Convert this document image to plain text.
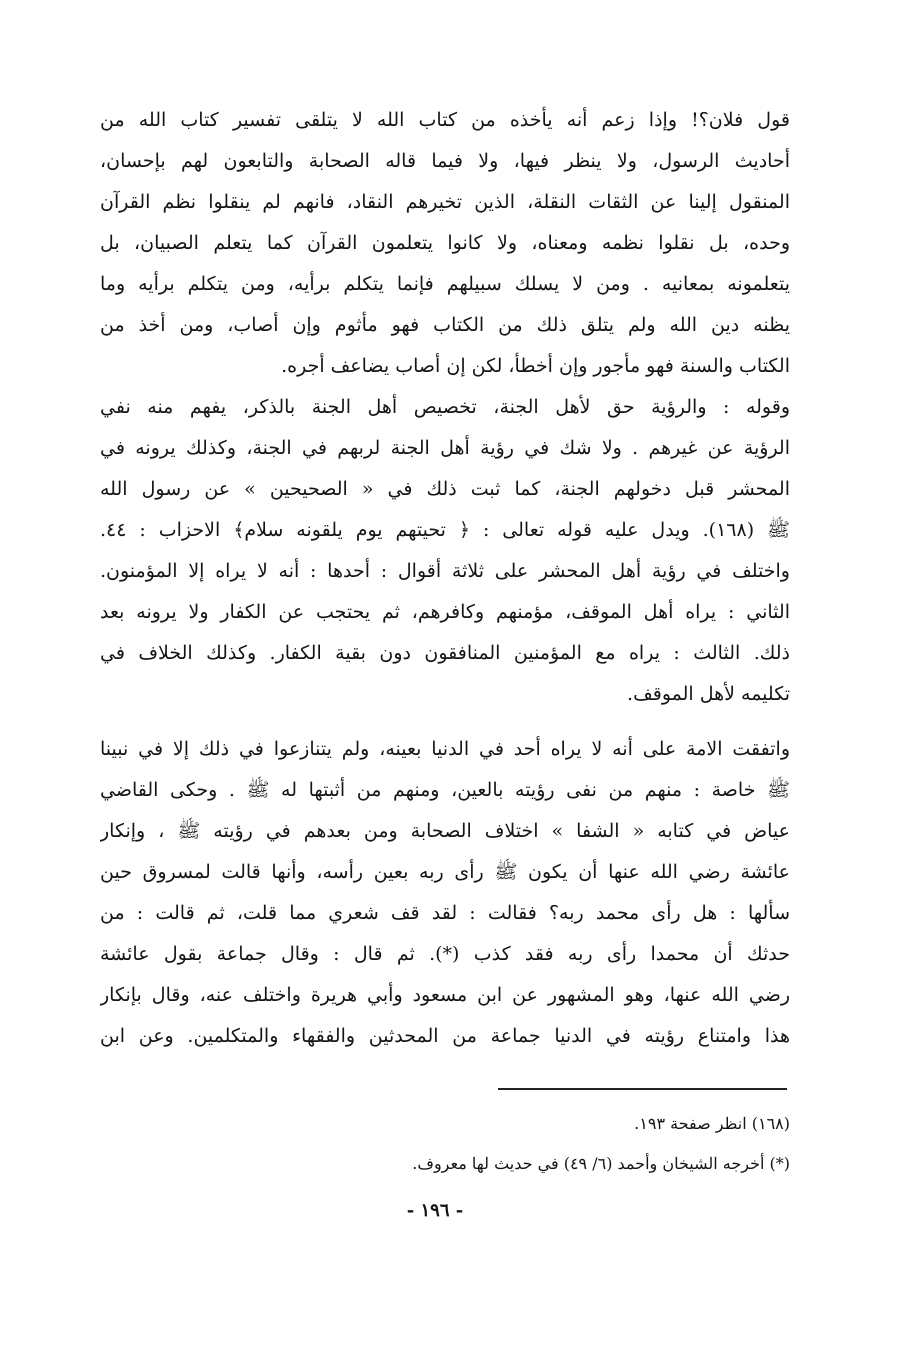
قول فلان؟! وإذا زعم أنه يأخذه من كتاب الله لا يتلقى تفسير كتاب الله من
أحاديث الرسول، ولا ينظر فيها، ولا فيما قاله الصحابة والتابعون لهم بإحسان،
المنقول إلينا عن الثقات النقلة، الذين تخيرهم النقاد، فانهم لم ينقلوا نظم القرآن
وحده، بل نقلوا نظمه ومعناه، ولا كانوا يتعلمون القرآن كما يتعلم الصبيان، بل
يتعلمونه بمعانيه . ومن لا يسلك سبيلهم فإنما يتكلم برأيه، ومن يتكلم برأيه وما
يظنه دين الله ولم يتلق ذلك من الكتاب فهو مأثوم وإن أصاب، ومن أخذ من
الكتاب والسنة فهو مأجور وإن أخطأ، لكن إن أصاب يضاعف أجره.
وقوله : والرؤية حق لأهل الجنة، تخصيص أهل الجنة بالذكر، يفهم منه نفي
الرؤية عن غيرهم . ولا شك في رؤية أهل الجنة لربهم في الجنة، وكذلك يرونه في
المحشر قبل دخولهم الجنة، كما ثبت ذلك في « الصحيحين » عن رسول الله
ﷺ (١٦٨). ويدل عليه قوله تعالى : ﴿ تحيتهم يوم يلقونه سلام﴾ الاحزاب : ٤٤.
واختلف في رؤية أهل المحشر على ثلاثة أقوال : أحدها : أنه لا يراه إلا المؤمنون.
الثاني : يراه أهل الموقف، مؤمنهم وكافرهم، ثم يحتجب عن الكفار ولا يرونه بعد
ذلك. الثالث : يراه مع المؤمنين المنافقون دون بقية الكفار. وكذلك الخلاف في
تكليمه لأهل الموقف.
واتفقت الامة على أنه لا يراه أحد في الدنيا بعينه، ولم يتنازعوا في ذلك إلا في نبينا
ﷺ خاصة : منهم من نفى رؤيته بالعين، ومنهم من أثبتها له ﷺ . وحكى القاضي
عياض في كتابه « الشفا » اختلاف الصحابة ومن بعدهم في رؤيته ﷺ ، وإنكار
عائشة رضي الله عنها أن يكون ﷺ رأى ربه بعين رأسه، وأنها قالت لمسروق حين
سألها : هل رأى محمد ربه؟ فقالت : لقد قف شعري مما قلت، ثم قالت : من
حدثك أن محمدا رأى ربه فقد كذب (*). ثم قال : وقال جماعة بقول عائشة
رضي الله عنها، وهو المشهور عن ابن مسعود وأبي هريرة واختلف عنه، وقال بإنكار
هذا وامتناع رؤيته في الدنيا جماعة من المحدثين والفقهاء والمتكلمين. وعن ابن
(١٦٨) انظر صفحة ١٩٣.
(*) أخرجه الشيخان وأحمد (٦/ ٤٩) في حديث لها معروف.
- ١٩٦ -
